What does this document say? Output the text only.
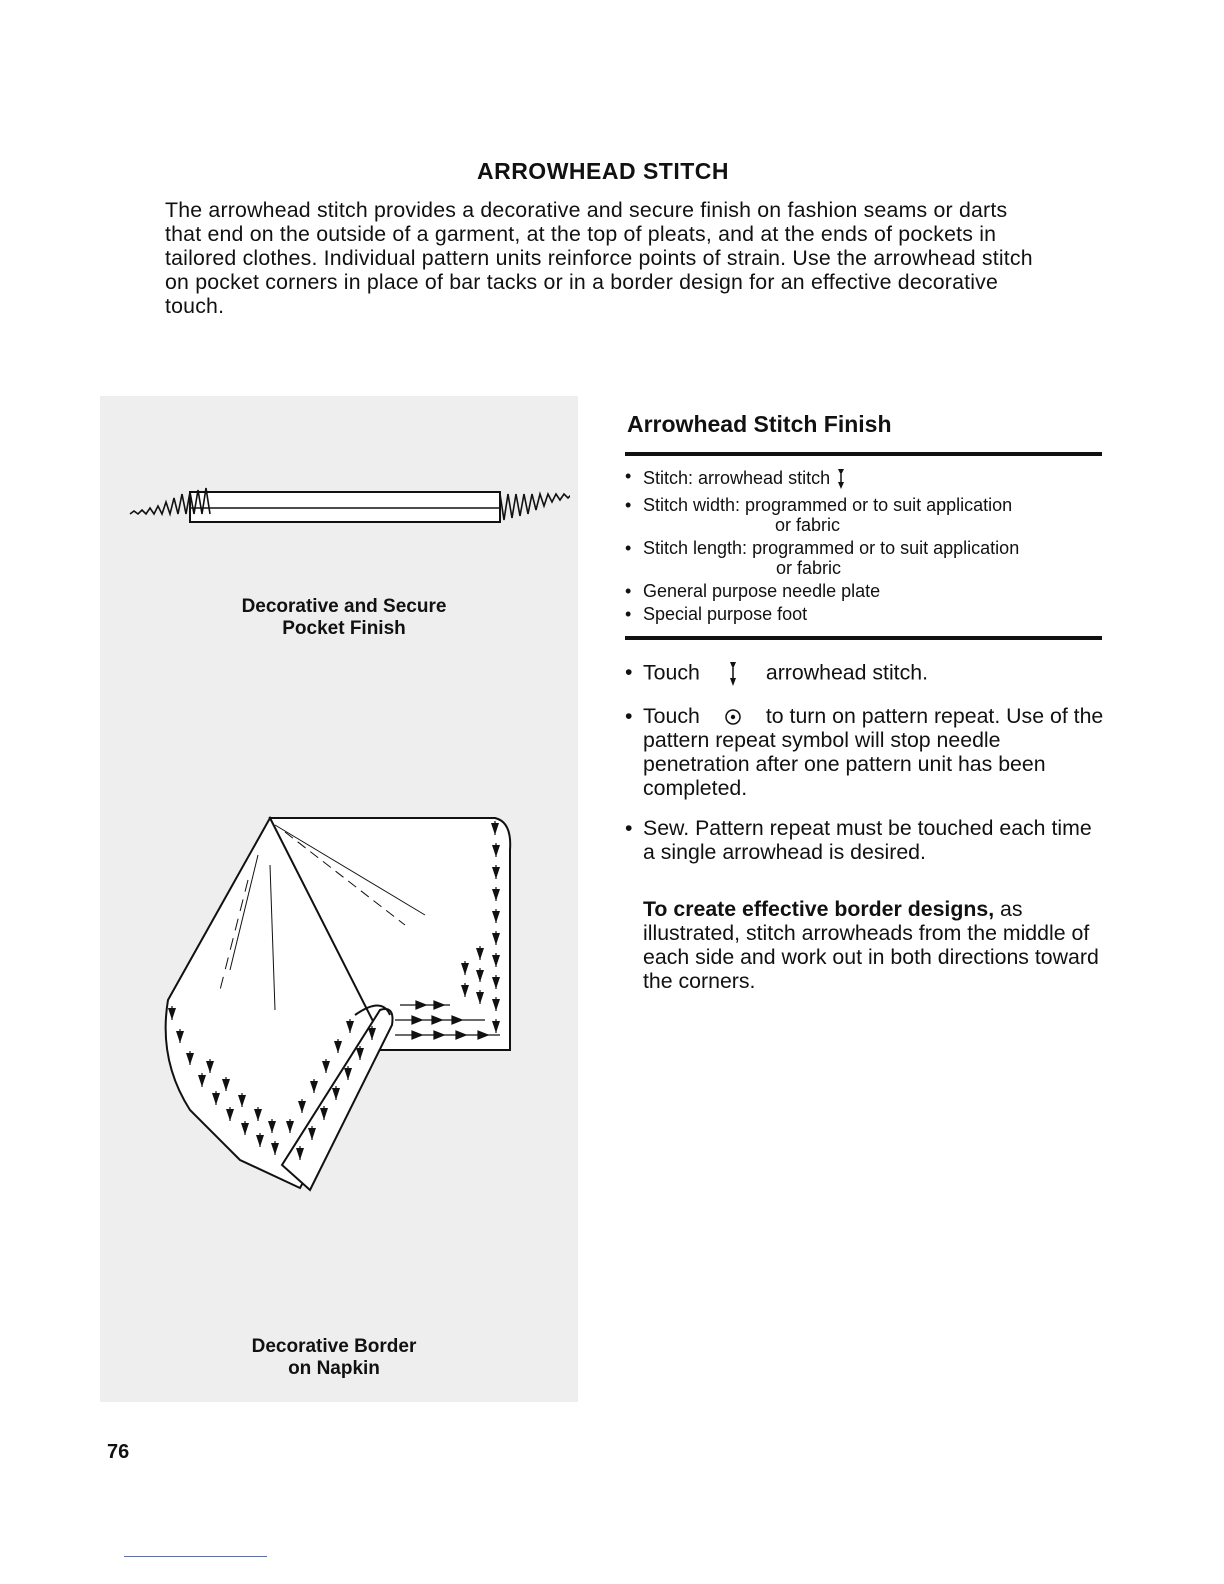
ARROWHEAD STITCH

The arrowhead stitch provides a decorative and secure finish on fashion seams or darts that end on the outside of a garment, at the top of pleats, and at the ends of pockets in tailored clothes. Individual pattern units reinforce points of strain. Use the arrowhead stitch on pocket corners in place of bar tacks or in a border design for an effective decorative touch.

Decorative and Secure
Pocket Finish
Decorative Border
on Napkin
Arrowhead Stitch Finish
• Stitch: arrowhead stitch
• Stitch width: programmed or to suit application
or fabric
• Stitch length: programmed or to suit application
or fabric
• General purpose needle plate
• Special purpose foot
• Touch	arrowhead stitch.
• Touch	to turn on pattern repeat. Use of the pattern repeat symbol will stop needle penetration after one pattern unit has been completed.
• Sew. Pattern repeat must be touched each time a single arrowhead is desired.

To create effective border designs, as illustrated, stitch arrowheads from the middle of each side and work out in both directions toward the corners.

76
